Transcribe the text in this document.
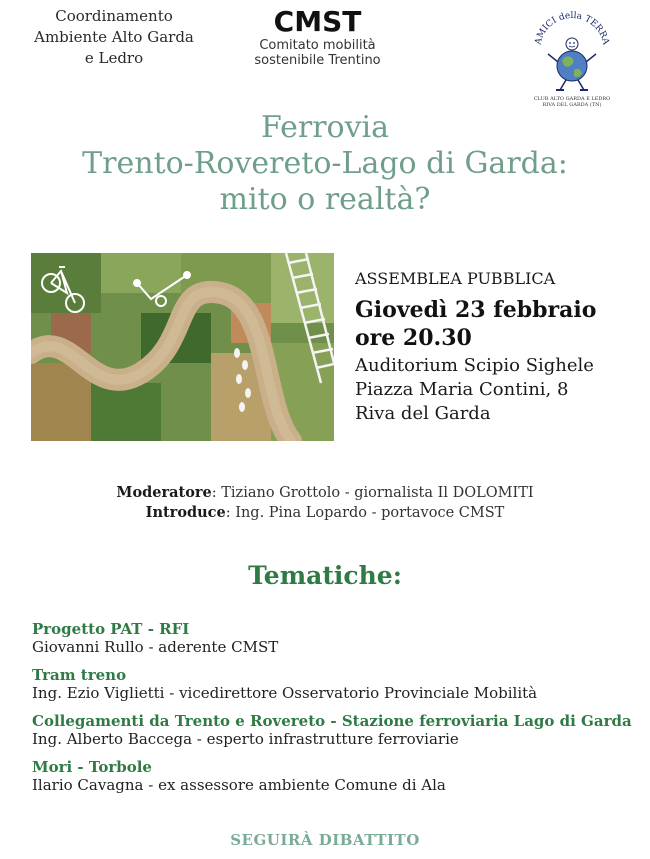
Coordinamento
Ambiente Alto Garda
e Ledro
CMST
Comitato mobilità
sostenibile Trentino
AMICI della TERRA
CLUB ALTO GARDA E LEDRO
RIVA DEL GARDA (TN)
Ferrovia
Trento-Rovereto-Lago di Garda:
mito o realtà?
ASSEMBLEA PUBBLICA
Giovedì 23 febbraio
ore 20.30
Auditorium Scipio Sighele
Piazza Maria Contini, 8
Riva del Garda
Moderatore: Tiziano Grottolo - giornalista Il DOLOMITI
Introduce: Ing. Pina Lopardo - portavoce CMST
Tematiche:
Progetto PAT - RFI
Giovanni Rullo - aderente CMST
Tram treno
Ing. Ezio Viglietti - vicedirettore Osservatorio Provinciale Mobilità
Collegamenti da Trento e Rovereto - Stazione ferroviaria Lago di Garda
Ing. Alberto Baccega - esperto infrastrutture ferroviarie
Mori - Torbole
Ilario Cavagna - ex assessore ambiente Comune di Ala
SEGUIRÀ DIBATTITO
